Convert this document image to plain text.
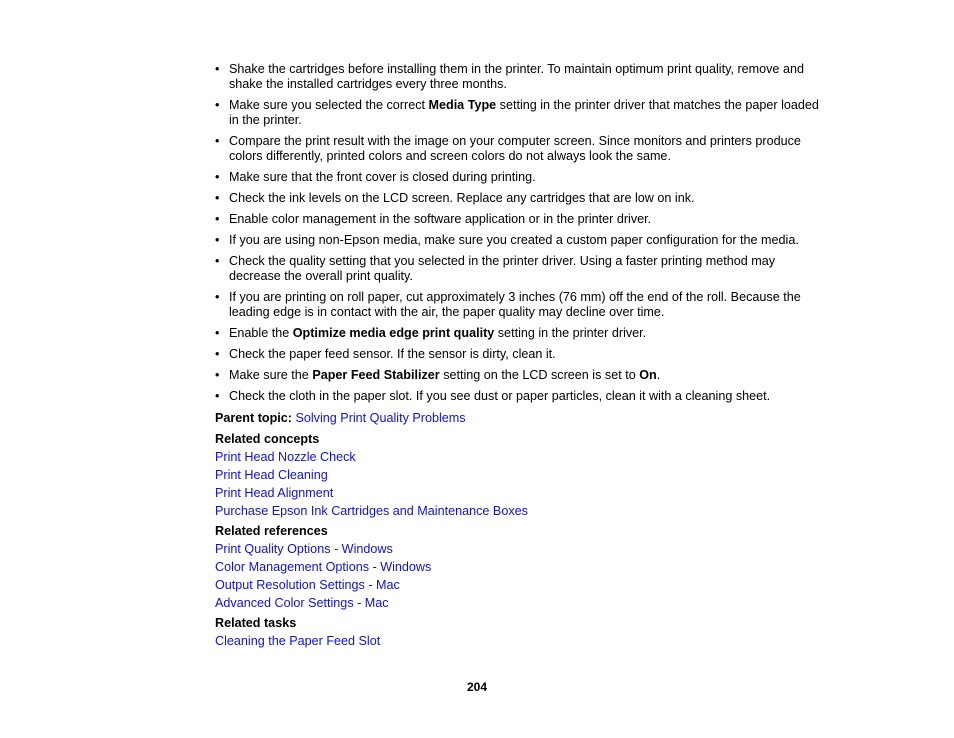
• Shake the cartridges before installing them in the printer. To maintain optimum print quality, remove and shake the installed cartridges every three months.
• Make sure you selected the correct Media Type setting in the printer driver that matches the paper loaded in the printer.
• Compare the print result with the image on your computer screen. Since monitors and printers produce colors differently, printed colors and screen colors do not always look the same.
• Make sure that the front cover is closed during printing.
• Check the ink levels on the LCD screen. Replace any cartridges that are low on ink.
• Enable color management in the software application or in the printer driver.
• If you are using non-Epson media, make sure you created a custom paper configuration for the media.
• Check the quality setting that you selected in the printer driver. Using a faster printing method may decrease the overall print quality.
• If you are printing on roll paper, cut approximately 3 inches (76 mm) off the end of the roll. Because the leading edge is in contact with the air, the paper quality may decline over time.
• Enable the Optimize media edge print quality setting in the printer driver.
• Check the paper feed sensor. If the sensor is dirty, clean it.
• Make sure the Paper Feed Stabilizer setting on the LCD screen is set to On.
• Check the cloth in the paper slot. If you see dust or paper particles, clean it with a cleaning sheet.
Parent topic: Solving Print Quality Problems
Related concepts
Print Head Nozzle Check
Print Head Cleaning
Print Head Alignment
Purchase Epson Ink Cartridges and Maintenance Boxes
Related references
Print Quality Options - Windows
Color Management Options - Windows
Output Resolution Settings - Mac
Advanced Color Settings - Mac
Related tasks
Cleaning the Paper Feed Slot
204
